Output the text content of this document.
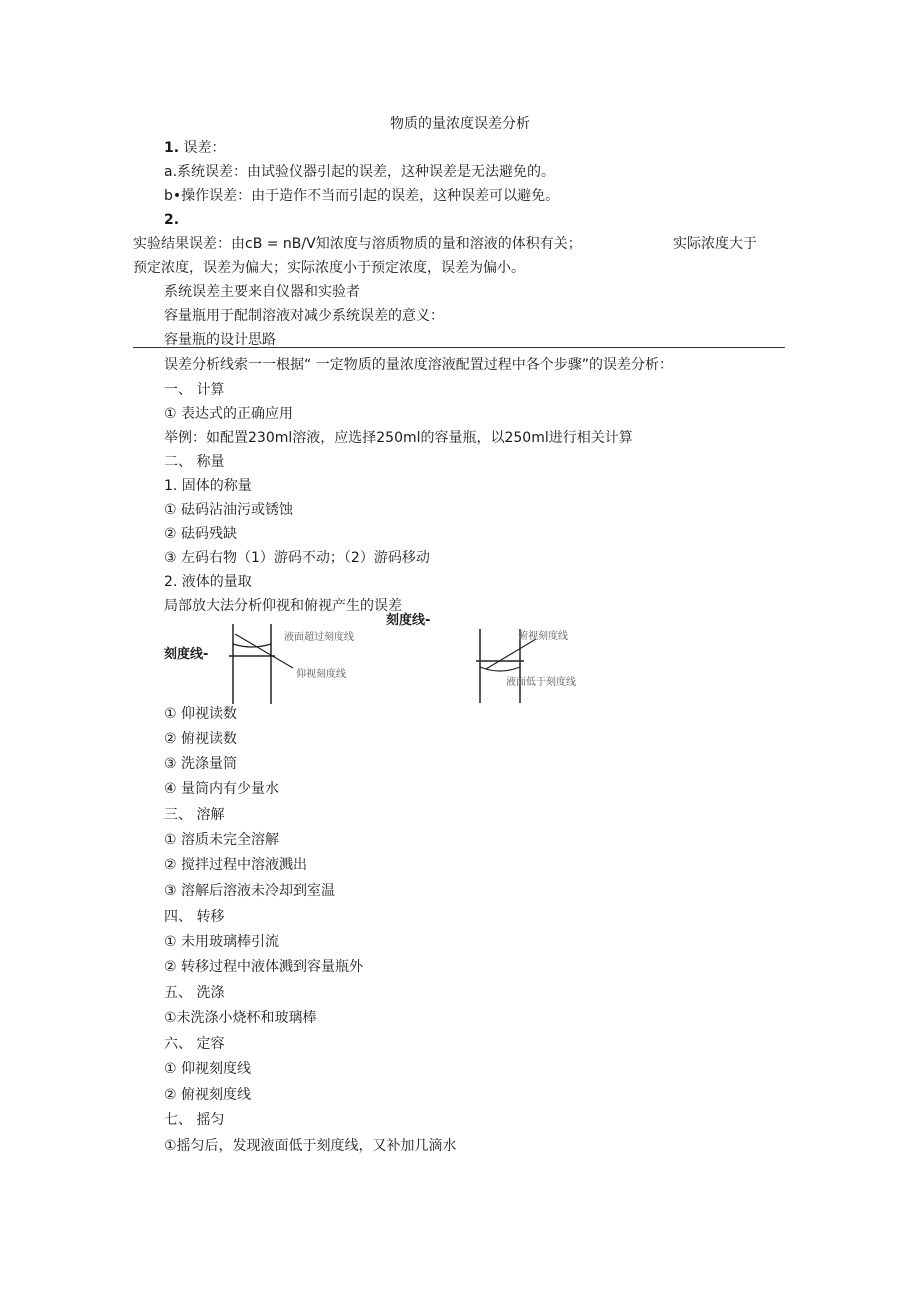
物质的量浓度误差分析
1. 误差：
a.系统误差：由试验仪器引起的误差，这种误差是无法避免的。
b•操作误差：由于造作不当而引起的误差，这种误差可以避免。
2.
实验结果误差：由cB = nB/V知浓度与溶质物质的量和溶液的体积有关；	实际浓度大于
预定浓度，误差为偏大；实际浓度小于预定浓度，误差为偏小。
系统误差主要来自仪器和实验者
容量瓶用于配制溶液对减少系统误差的意义：
容量瓶的设计思路
误差分析线索一一根据“ 一定物质的量浓度溶液配置过程中各个步骤”的误差分析：
一、 计算
① 表达式的正确应用
举例：如配置230ml溶液，应选择250ml的容量瓶，以250ml进行相关计算
二、 称量
1. 固体的称量
① 砝码沾油污或锈蚀
② 砝码残缺
③ 左码右物（1）游码不动；（2）游码移动
2. 液体的量取
局部放大法分析仰视和俯视产生的误差
刻度线-
液面超过刻度线
仰视刻度线
刻度线-
俯视刻度线
液面低于刻度线
① 仰视读数
② 俯视读数
③ 洗涤量筒
④ 量筒内有少量水
三、 溶解
① 溶质未完全溶解
② 搅拌过程中溶液溅出
③ 溶解后溶液未冷却到室温
四、 转移
① 未用玻璃棒引流
② 转移过程中液体溅到容量瓶外
五、 洗涤
①未洗涤小烧杯和玻璃棒
六、 定容
① 仰视刻度线
② 俯视刻度线
七、 摇匀
①摇匀后，发现液面低于刻度线，又补加几滴水
